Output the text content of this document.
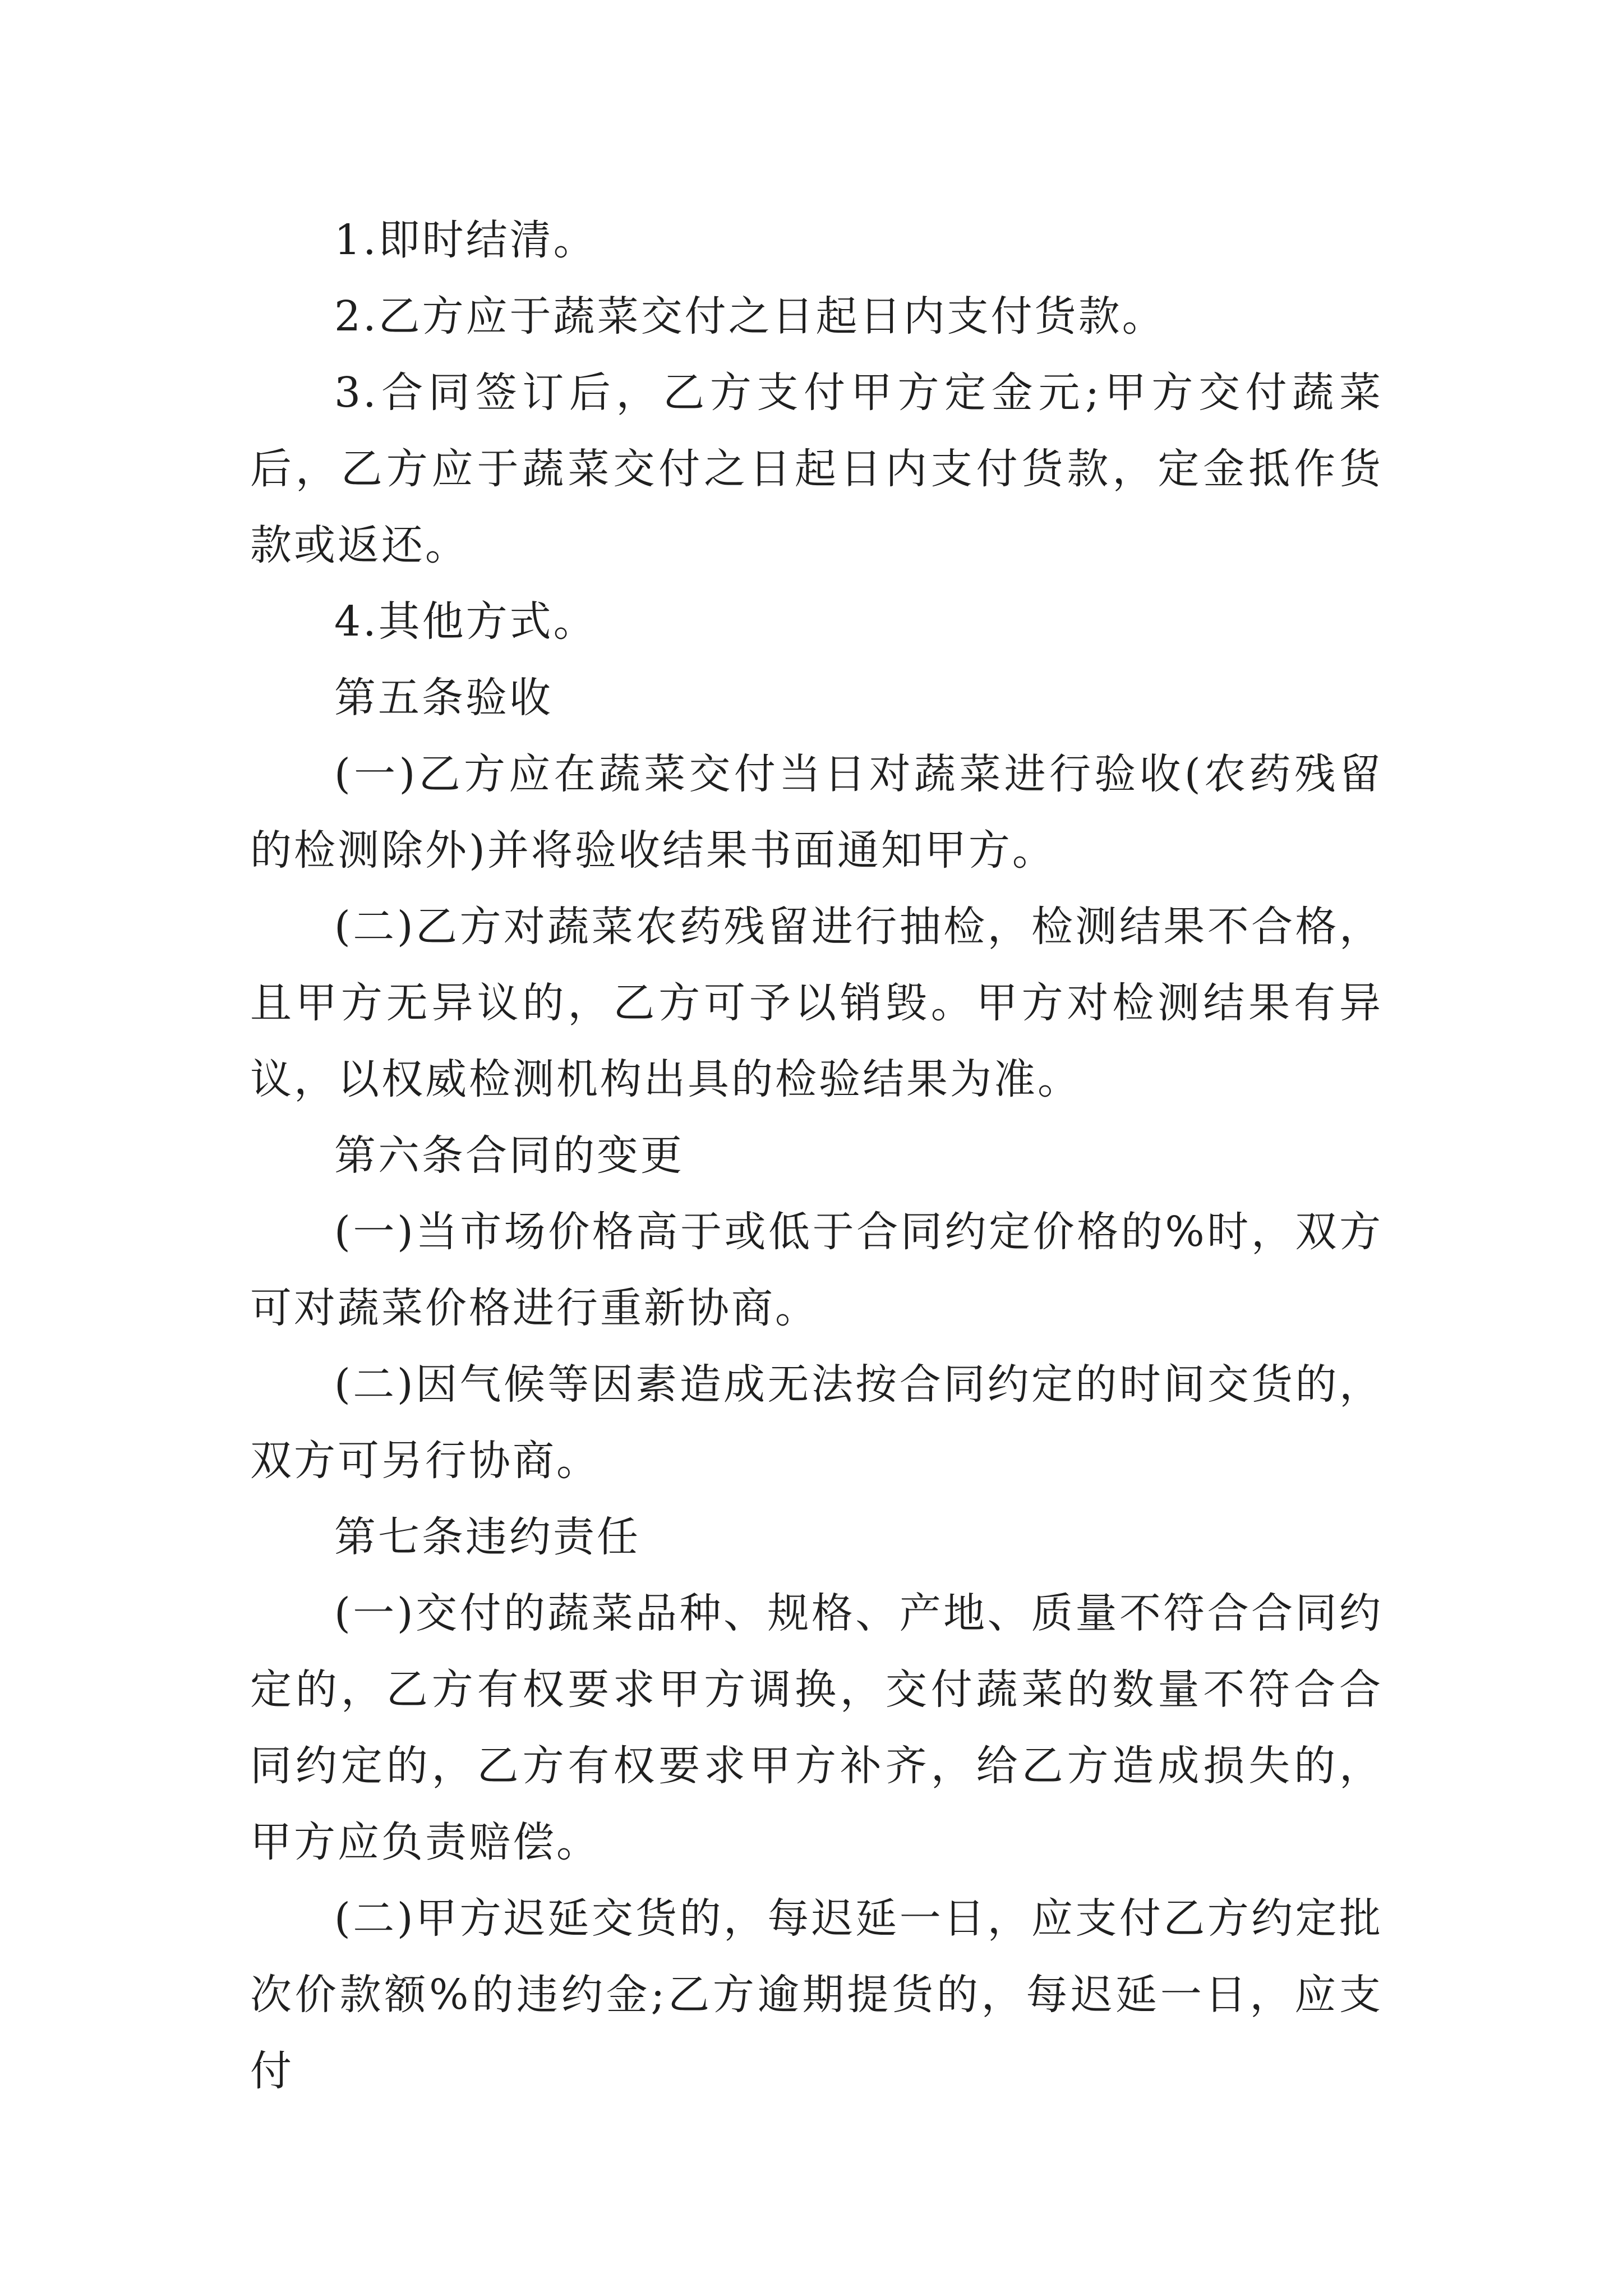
1.即时结清。

2.乙方应于蔬菜交付之日起日内支付货款。

3.合同签订后，乙方支付甲方定金元;甲方交付蔬菜后，乙方应于蔬菜交付之日起日内支付货款，定金抵作货款或返还。

4.其他方式。

第五条验收

(一)乙方应在蔬菜交付当日对蔬菜进行验收(农药残留的检测除外)并将验收结果书面通知甲方。

(二)乙方对蔬菜农药残留进行抽检，检测结果不合格，且甲方无异议的，乙方可予以销毁。甲方对检测结果有异议，以权威检测机构出具的检验结果为准。

第六条合同的变更

(一)当市场价格高于或低于合同约定价格的%时，双方可对蔬菜价格进行重新协商。

(二)因气候等因素造成无法按合同约定的时间交货的，双方可另行协商。

第七条违约责任

(一)交付的蔬菜品种、规格、产地、质量不符合合同约定的，乙方有权要求甲方调换，交付蔬菜的数量不符合合同约定的，乙方有权要求甲方补齐，给乙方造成损失的，甲方应负责赔偿。

(二)甲方迟延交货的，每迟延一日，应支付乙方约定批次价款额%的违约金;乙方逾期提货的，每迟延一日，应支付
